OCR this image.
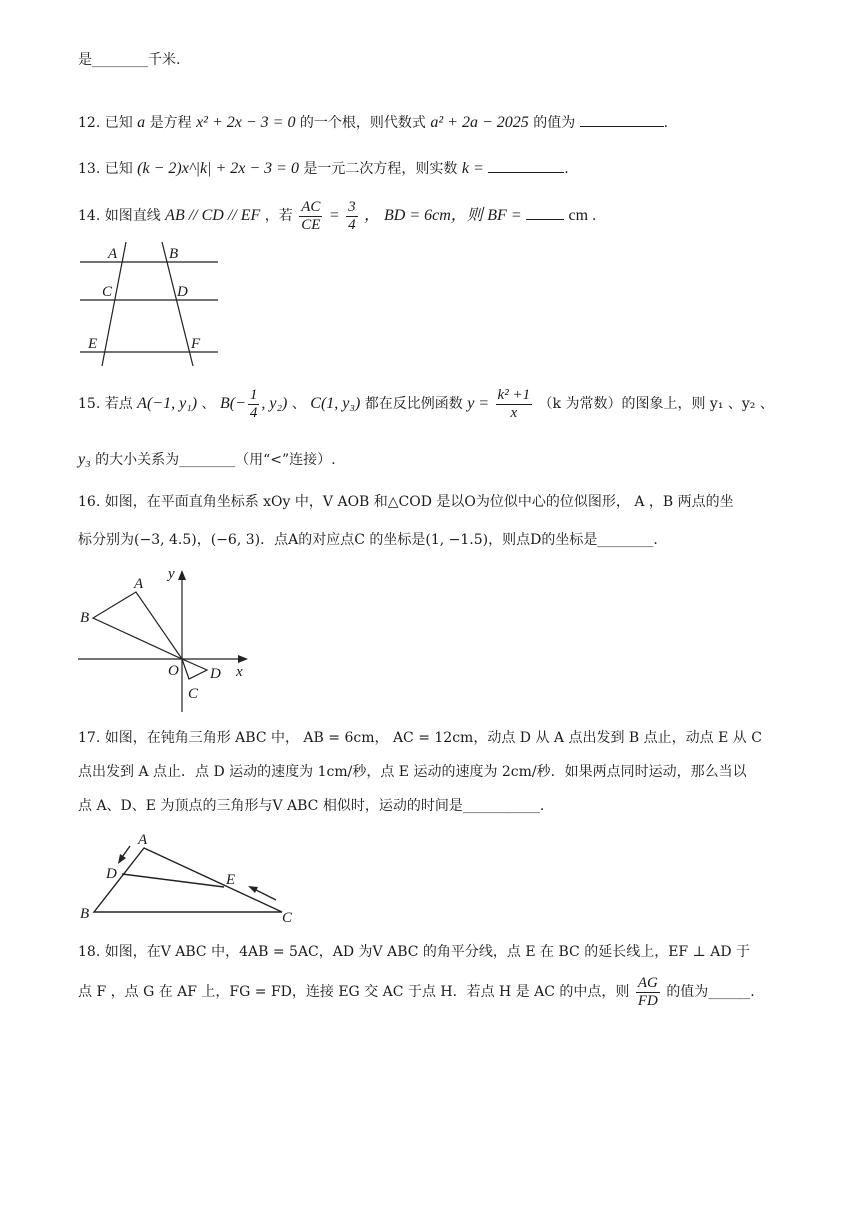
是________千米.
12. 已知 a 是方程 x² + 2x − 3 = 0 的一个根，则代数式 a² + 2a − 2025 的值为	.
13. 已知 (k − 2)x^|k| + 2x − 3 = 0 是一元二次方程，则实数 k =	.
14. 如图直线 AB // CD // EF ，若 $\frac{AC}{CE} = \frac{3}{4}$ ， BD = 6cm，则 BF =	cm .
A	B
C	D
E	F
15. 若点 A(−1, y₁) 、 $B(- \frac{1}{4}$ , y₂) 、 C(1, y₃) 都在反比例函数 $y = \frac{\text{k² +1}}{x} (k$ 为常数）的图象上，则 y₁ 、y₂ 、
y₃ 的大小关系为________（用“<”连接）.
16. 如图，在平面直角坐标系 xOy 中，V AOB 和△COD 是以O为位似中心的位似图形， A ，B 两点的坐
标分别为(−3, 4.5)，(−6, 3)．点A的对应点C 的坐标是(1, −1.5)，则点D的坐标是________.
A
B
O
C
D x
y
17. 如图，在钝角三角形 ABC 中， AB = 6cm， AC = 12cm，动点 D 从 A 点出发到 B 点止，动点 E 从 C
点出发到 A 点止．点 D 运动的速度为 1cm/秒，点 E 运动的速度为 2cm/秒．如果两点同时运动，那么当以
点 A、D、E 为顶点的三角形与V ABC 相似时，运动的时间是___________.
A
D	E
B	C
18. 如图，在V ABC 中，4AB = 5AC，AD 为V ABC 的角平分线，点 E 在 BC 的延长线上，EF ⊥ AD 于
点 F ，点 G 在 AF 上，FG = FD，连接 EG 交 AC 于点 H．若点 H 是 AC 的中点，则 $\frac{AG}{FD}$ 的值为______.
